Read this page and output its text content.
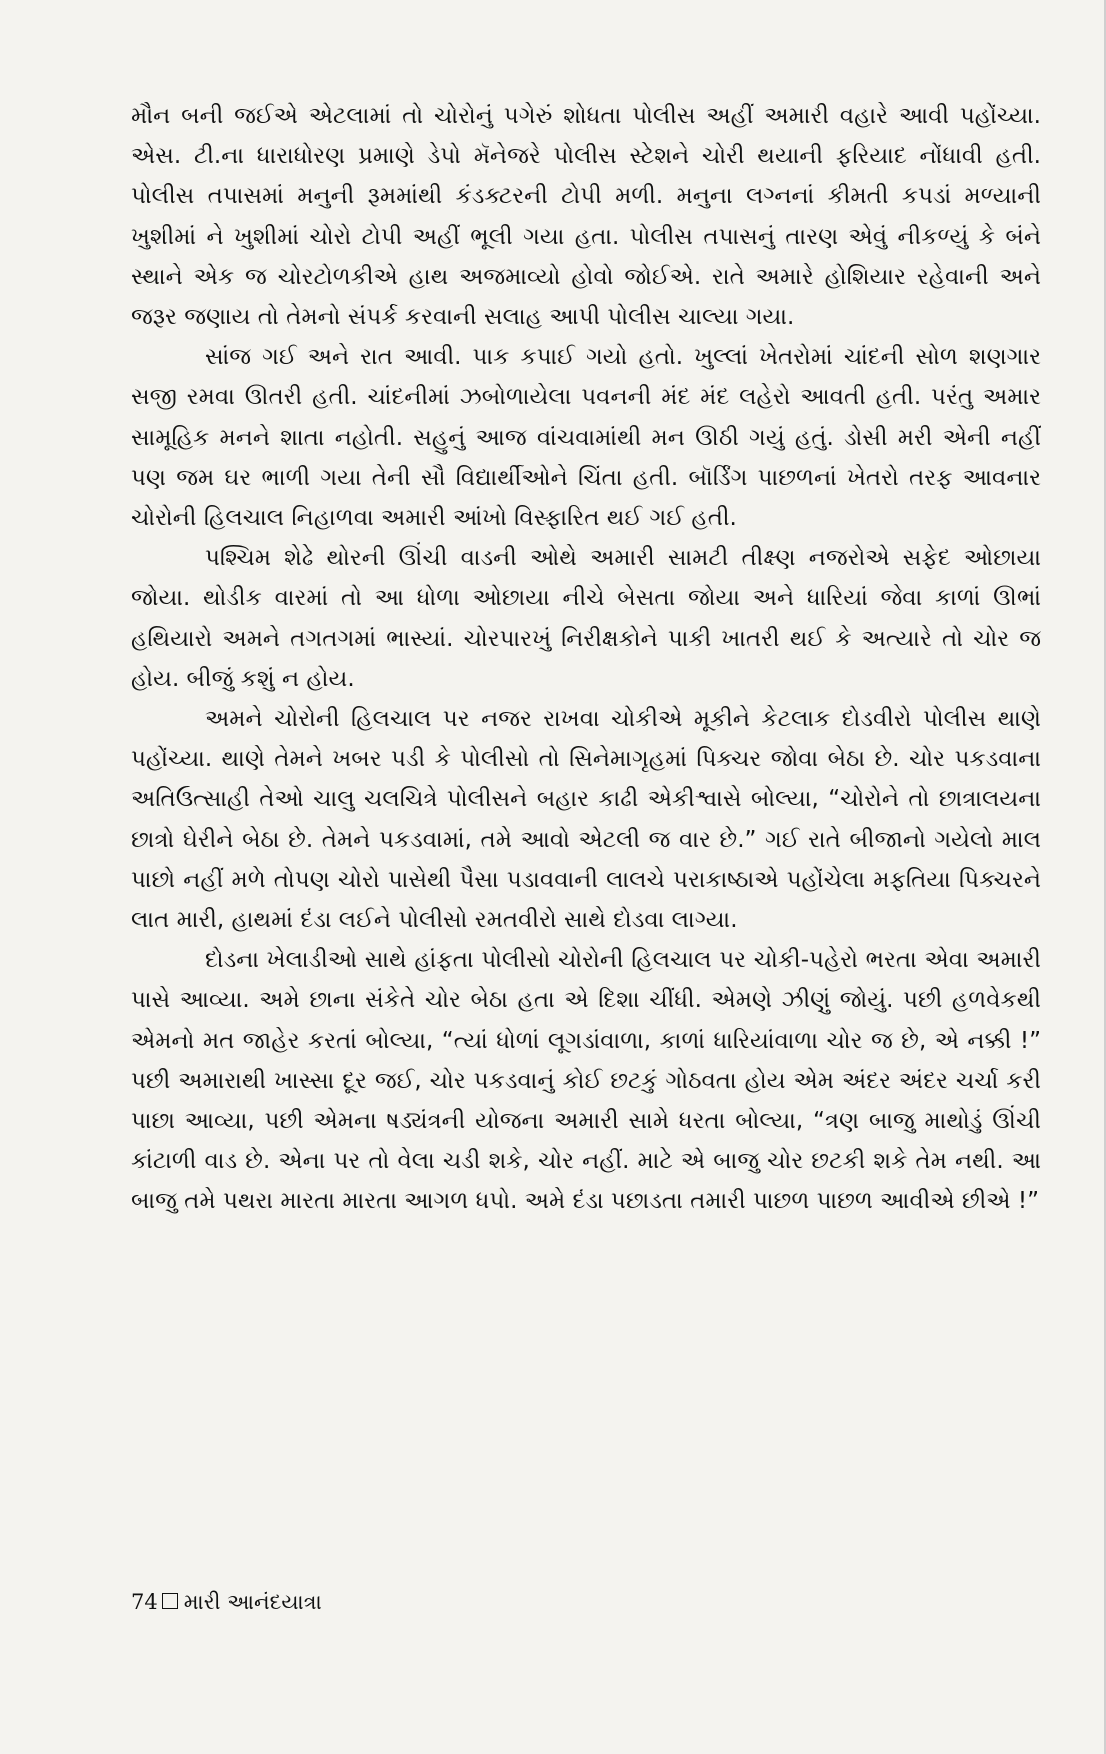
મૌન બની જઈએ એટલામાં તો ચોરોનું પગેરું શોધતા પોલીસ અહીં અમારી વહારે આવી પહોંચ્યા. એસ. ટી.ના ધારાધોરણ પ્રમાણે ડેપો મૅનેજરે પોલીસ સ્ટેશને ચોરી થયાની ફરિયાદ નોંધાવી હતી. પોલીસ તપાસમાં મનુની રૂમમાંથી કંડક્ટરની ટોપી મળી. મનુના લગ્નનાં કીમતી કપડાં મળ્યાની ખુશીમાં ને ખુશીમાં ચોરો ટોપી અહીં ભૂલી ગયા હતા. પોલીસ તપાસનું તારણ એવું નીકળ્યું કે બંને સ્થાને એક જ ચોરટોળકીએ હાથ અજમાવ્યો હોવો જોઈએ. રાતે અમારે હોશિયાર રહેવાની અને જરૂર જણાય તો તેમનો સંપર્ક કરવાની સલાહ આપી પોલીસ ચાલ્યા ગયા.

સાંજ ગઈ અને રાત આવી. પાક કપાઈ ગયો હતો. ખુલ્લાં ખેતરોમાં ચાંદની સોળ શણગાર સજી રમવા ઊતરી હતી. ચાંદનીમાં ઝબોળાયેલા પવનની મંદ મંદ લહેરો આવતી હતી. પરંતુ અમાર સામૂહિક મનને શાતા નહોતી. સહુનું આજ વાંચવામાંથી મન ઊઠી ગયું હતું. ડોસી મરી એની નહીં પણ જમ ઘર ભાળી ગયા તેની સૌ વિદ્યાર્થીઓને ચિંતા હતી. બૉર્ડિંગ પાછળનાં ખેતરો તરફ આવનાર ચોરોની હિલચાલ નિહાળવા અમારી આંખો વિસ્ફારિત થઈ ગઈ હતી.

પશ્ચિમ શેઢે થોરની ઊંચી વાડની ઓથે અમારી સામટી તીક્ષ્ણ નજરોએ સફેદ ઓછાયા જોયા. થોડીક વારમાં તો આ ધોળા ઓછાયા નીચે બેસતા જોયા અને ધારિયાં જેવા કાળાં ઊભાં હથિયારો અમને તગતગમાં ભાસ્યાં. ચોરપારખું નિરીક્ષકોને પાકી ખાતરી થઈ કે અત્યારે તો ચોર જ હોય. બીજું કશું ન હોય.

અમને ચોરોની હિલચાલ પર નજર રાખવા ચોકીએ મૂકીને કેટલાક દોડવીરો પોલીસ થાણે પહોંચ્યા. થાણે તેમને ખબર પડી કે પોલીસો તો સિનેમાગૃહમાં પિક્ચર જોવા બેઠા છે. ચોર પકડવાના અતિઉત્સાહી તેઓ ચાલુ ચલચિત્રે પોલીસને બહાર કાઢી એકીશ્વાસે બોલ્યા, “ચોરોને તો છાત્રાલયના છાત્રો ઘેરીને બેઠા છે. તેમને પકડવામાં, તમે આવો એટલી જ વાર છે.” ગઈ રાતે બીજાનો ગયેલો માલ પાછો નહીં મળે તોપણ ચોરો પાસેથી પૈસા પડાવવાની લાલચે પરાકાષ્ઠાએ પહોંચેલા મફતિયા પિક્ચરને લાત મારી, હાથમાં દંડા લઈને પોલીસો રમતવીરો સાથે દોડવા લાગ્યા.

દોડના ખેલાડીઓ સાથે હાંફતા પોલીસો ચોરોની હિલચાલ પર ચોકી-પહેરો ભરતા એવા અમારી પાસે આવ્યા. અમે છાના સંકેતે ચોર બેઠા હતા એ દિશા ચીંધી. એમણે ઝીણું જોયું. પછી હળવેકથી એમનો મત જાહેર કરતાં બોલ્યા, “ત્યાં ધોળાં લૂગડાંવાળા, કાળાં ધારિયાંવાળા ચોર જ છે, એ નક્કી !” પછી અમારાથી ખાસ્સા દૂર જઈ, ચોર પકડવાનું કોઈ છટકું ગોઠવતા હોય એમ અંદર અંદર ચર્ચા કરી પાછા આવ્યા, પછી એમના ષડ્યંત્રની યોજના અમારી સામે ધરતા બોલ્યા, “ત્રણ બાજુ માથોડું ઊંચી કાંટાળી વાડ છે. એના પર તો વેલા ચડી શકે, ચોર નહીં. માટે એ બાજુ ચોર છટકી શકે તેમ નથી. આ બાજુ તમે પથરા મારતા મારતા આગળ ધપો. અમે દંડા પછાડતા તમારી પાછળ પાછળ આવીએ છીએ !”

74 મારી આનંદયાત્રા
